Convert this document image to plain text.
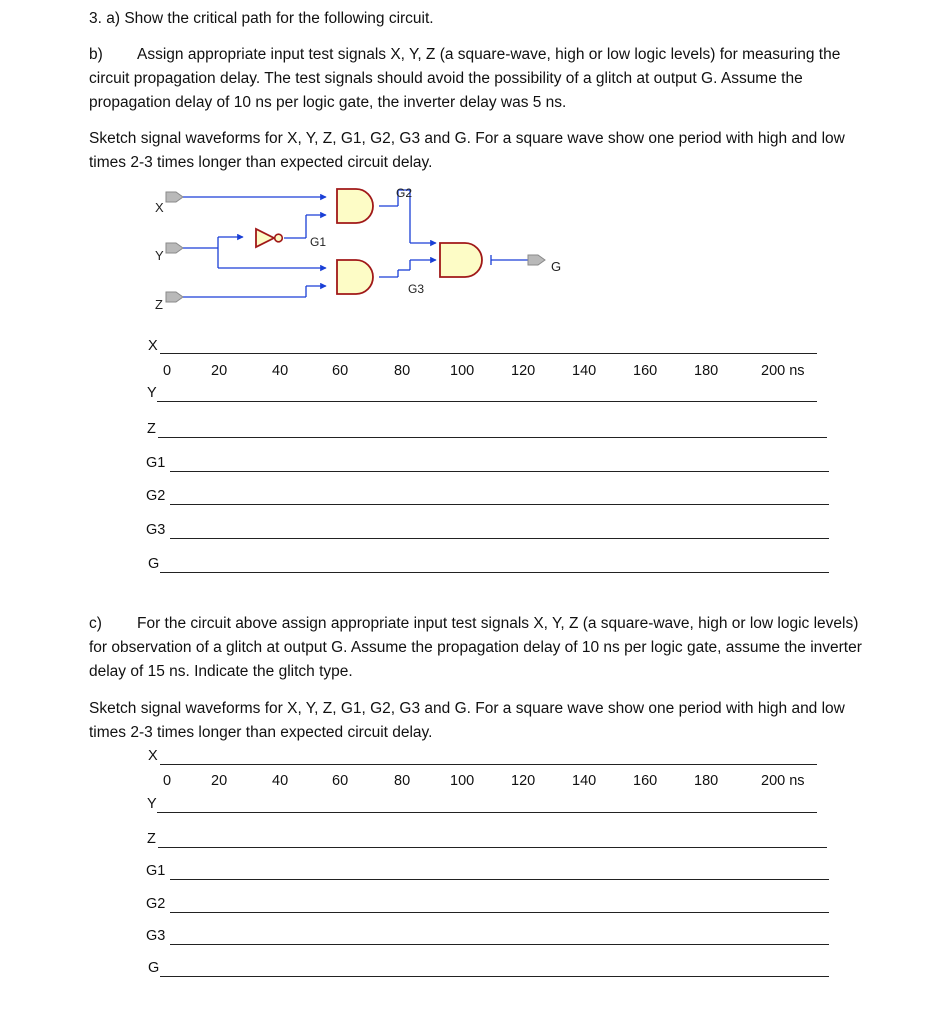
3. a) Show the critical path for the following circuit.

b) Assign appropriate input test signals X, Y, Z (a square-wave, high or low logic levels) for measuring the circuit propagation delay. The test signals should avoid the possibility of a glitch at output G. Assume the propagation delay of 10 ns per logic gate, the inverter delay was 5 ns.

Sketch signal waveforms for X, Y, Z, G1, G2, G3 and G. For a square wave show one period with high and low times 2-3 times longer than expected circuit delay.

X
Y
Z
G1
G2
G3
G
X
0	20	40	60	80	100	120	140	160	180	200 ns
Y
Z
G1
G2
G3
G

c) For the circuit above assign appropriate input test signals X, Y, Z (a square-wave, high or low logic levels) for observation of a glitch at output G. Assume the propagation delay of 10 ns per logic gate, assume the inverter delay of 15 ns. Indicate the glitch type.

Sketch signal waveforms for X, Y, Z, G1, G2, G3 and G. For a square wave show one period with high and low times 2-3 times longer than expected circuit delay.

X
0	20	40	60	80	100	120	140	160	180	200 ns
Y
Z
G1
G2
G3
G
